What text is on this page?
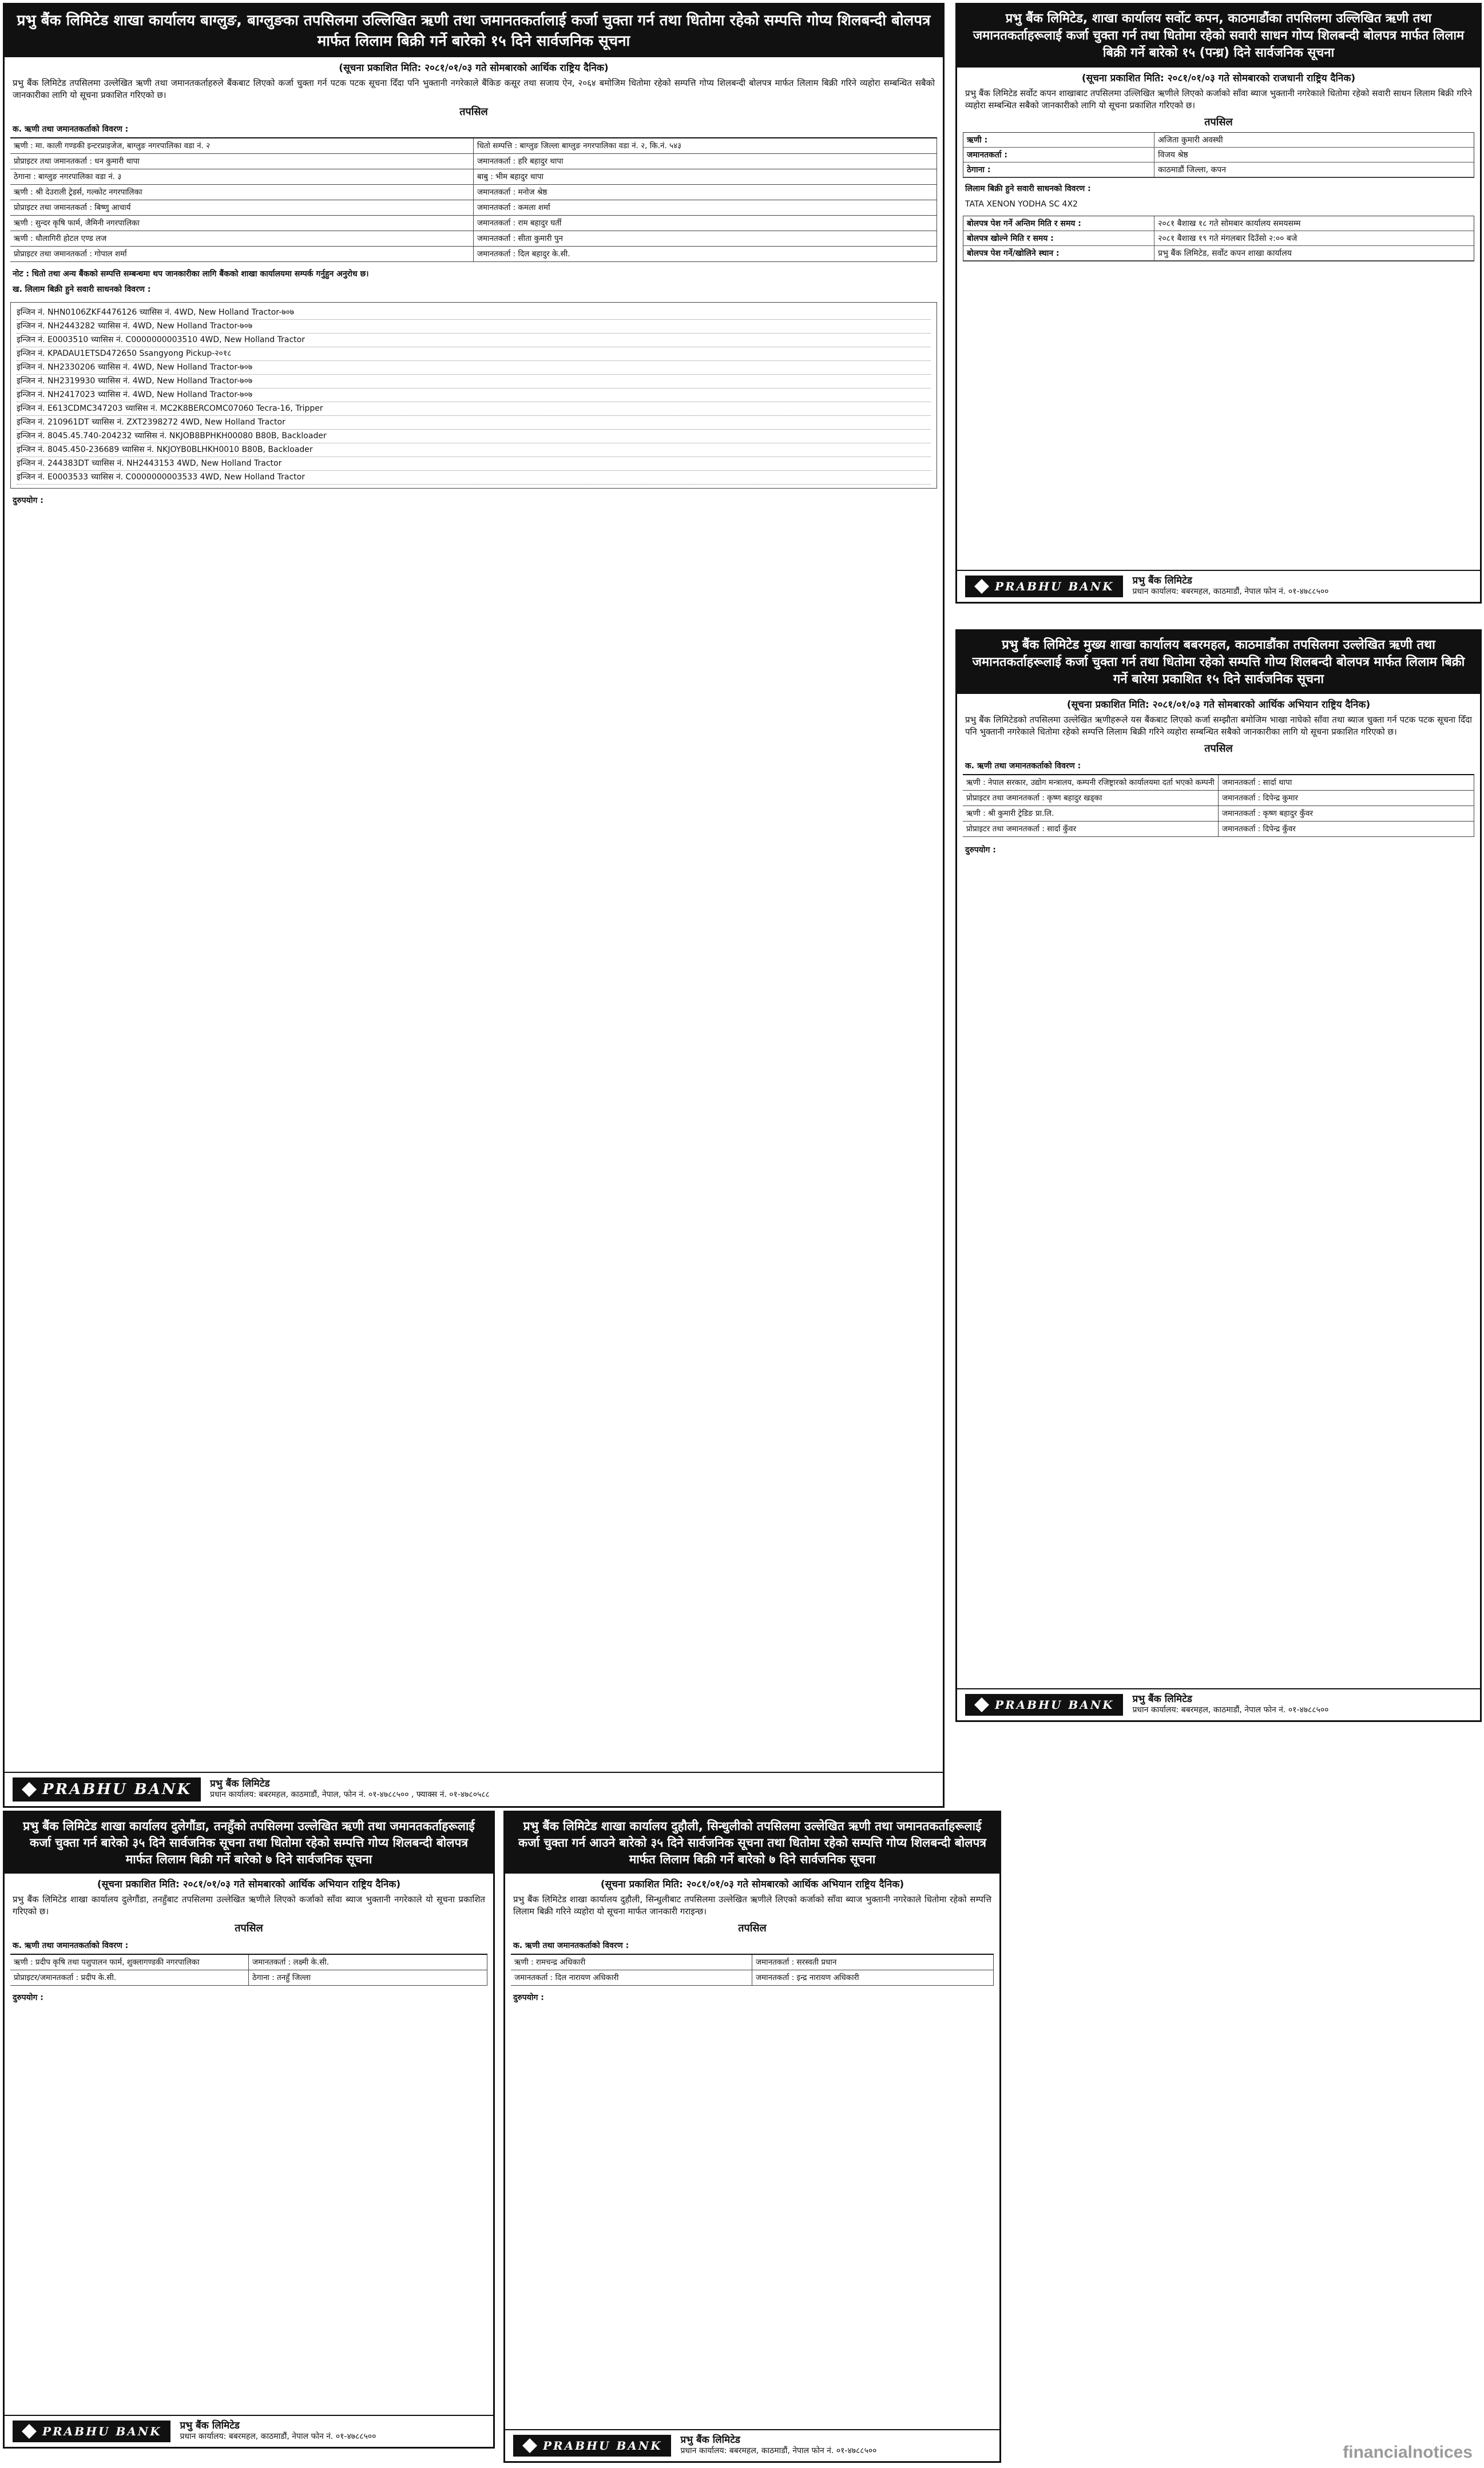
प्रभु बैंक लिमिटेड शाखा कार्यालय बाग्लुङ, बाग्लुङका तपसिलमा उल्लिखित ऋणी तथा जमानतकर्तालाई कर्जा चुक्ता गर्न तथा धितोमा रहेको सम्पत्ति गोप्य शिलबन्दी बोलपत्र मार्फत लिलाम बिक्री गर्ने बारेको १५ दिने सार्वजनिक सूचना
(सूचना प्रकाशित मिति: २०८१/०१/०३ गते सोमबारको आर्थिक राष्ट्रिय दैनिक)
प्रभु बैंक लिमिटेड तपसिलमा उल्लेखित ऋणी तथा जमानतकर्ताहरुले बैंकबाट लिएको कर्जा चुक्ता गर्न पटक पटक सूचना दिँदा पनि भुक्तानी नगरेकाले बैंकिङ कसूर तथा सजाय ऐन, २०६४ बमोजिम धितोमा रहेको सम्पत्ति गोप्य शिलबन्दी बोलपत्र मार्फत लिलाम बिक्री गरिने व्यहोरा सम्बन्धित सबैको जानकारीका लागि यो सूचना प्रकाशित गरिएको छ।
तपसिल
क. ऋणी तथा जमानतकर्ताको विवरण :
ऋणी : मा. काली गण्डकी इन्टरप्राइजेज, बाग्लुङ नगरपालिका वडा नं. २	धितो सम्पत्ति : बाग्लुङ जिल्ला बाग्लुङ नगरपालिका वडा नं. २, कि.नं. ५४३
प्रोप्राइटर तथा जमानतकर्ता : धन कुमारी थापा	जमानतकर्ता : हरि बहादुर थापा
ठेगाना : बाग्लुङ नगरपालिका वडा नं. ३	बाबु : भीम बहादुर थापा
ऋणी : श्री देउराली ट्रेडर्स, गल्कोट नगरपालिका	जमानतकर्ता : मनोज श्रेष्ठ
प्रोप्राइटर तथा जमानतकर्ता : बिष्णु आचार्य	जमानतकर्ता : कमला शर्मा
ऋणी : सुन्दर कृषि फार्म, जैमिनी नगरपालिका	जमानतकर्ता : राम बहादुर घर्ती
ऋणी : धौलागिरी होटल एण्ड लज	जमानतकर्ता : सीता कुमारी पुन
प्रोप्राइटर तथा जमानतकर्ता : गोपाल शर्मा	जमानतकर्ता : दिल बहादुर के.सी.
नोट : धितो तथा अन्य बैंकको सम्पत्ति सम्बन्धमा थप जानकारीका लागि बैंकको शाखा कार्यालयमा सम्पर्क गर्नुहुन अनुरोध छ।
ख. लिलाम बिक्री हुने सवारी साधनको विवरण :
इन्जिन नं. NHN0106ZKF4476126 च्यासिस नं. 4WD, New Holland Tractor-७०७
इन्जिन नं. NH2443282 च्यासिस नं. 4WD, New Holland Tractor-७०७
इन्जिन नं. E0003510 च्यासिस नं. C0000000003510 4WD, New Holland Tractor
इन्जिन नं. KPADAU1ETSD472650 Ssangyong Pickup-२०१८
इन्जिन नं. NH2330206 च्यासिस नं. 4WD, New Holland Tractor-७०७
इन्जिन नं. NH2319930 च्यासिस नं. 4WD, New Holland Tractor-७०७
इन्जिन नं. NH2417023 च्यासिस नं. 4WD, New Holland Tractor-७०७
इन्जिन नं. E613CDMC347203 च्यासिस नं. MC2K8BERCOMC07060 Tecra-16, Tripper
इन्जिन नं. 210961DT च्यासिस नं. ZXT2398272 4WD, New Holland Tractor
इन्जिन नं. 8045.45.740-204232 च्यासिस नं. NKJOB8BPHKH00080 B80B, Backloader
इन्जिन नं. 8045.450-236689 च्यासिस नं. NKJOYB0BLHKH0010 B80B, Backloader
इन्जिन नं. 244383DT च्यासिस नं. NH2443153 4WD, New Holland Tractor
इन्जिन नं. E0003533 च्यासिस नं. C0000000003533 4WD, New Holland Tractor
दुरुपयोग :
PRABHU BANK प्रभु बैंक लिमिटेड
प्रधान कार्यालय: बबरमहल, काठमाडौं, नेपाल, फोन नं. ०१-४७८८५०० , फ्याक्स नं. ०१-४७८०५८८
प्रभु बैंक लिमिटेड, शाखा कार्यालय सर्वोट कपन, काठमाडौंका तपसिलमा उल्लिखित ऋणी तथा जमानतकर्ताहरूलाई कर्जा चुक्ता गर्न तथा धितोमा रहेको सवारी साधन गोप्य शिलबन्दी बोलपत्र मार्फत लिलाम बिक्री गर्ने बारेको १५ (पन्ध्र) दिने सार्वजनिक सूचना
(सूचना प्रकाशित मिति: २०८१/०१/०३ गते सोमबारको राजधानी राष्ट्रिय दैनिक)
प्रभु बैंक लिमिटेड सर्वोट कपन शाखाबाट तपसिलमा उल्लिखित ऋणीले लिएको कर्जाको साँवा ब्याज भुक्तानी नगरेकाले धितोमा रहेको सवारी साधन लिलाम बिक्री गरिने व्यहोरा सम्बन्धित सबैको जानकारीको लागि यो सूचना प्रकाशित गरिएको छ।
तपसिल
ऋणी :	अजिता कुमारी अवस्थी
जमानतकर्ता :	विजय श्रेष्ठ
ठेगाना :	काठमाडौं जिल्ला, कपन
लिलाम बिक्री हुने सवारी साधनको विवरण :
TATA XENON YODHA SC 4X2
बोलपत्र पेश गर्ने अन्तिम मिति र समय :	२०८१ बैशाख १८ गते सोमबार कार्यालय समयसम्म
बोलपत्र खोल्ने मिति र समय :	२०८१ बैशाख १९ गते मंगलबार दिउँसो २:०० बजे
बोलपत्र पेश गर्ने/खोलिने स्थान :	प्रभु बैंक लिमिटेड, सर्वोट कपन शाखा कार्यालय
PRABHU BANK प्रभु बैंक लिमिटेड
प्रधान कार्यालय: बबरमहल, काठमाडौं, नेपाल फोन नं. ०१-४७८८५००
प्रभु बैंक लिमिटेड मुख्य शाखा कार्यालय बबरमहल, काठमाडौंका तपसिलमा उल्लेखित ऋणी तथा जमानतकर्ताहरूलाई कर्जा चुक्ता गर्न तथा धितोमा रहेको सम्पत्ति गोप्य शिलबन्दी बोलपत्र मार्फत लिलाम बिक्री गर्ने बारेमा प्रकाशित १५ दिने सार्वजनिक सूचना
(सूचना प्रकाशित मिति: २०८१/०१/०३ गते सोमबारको आर्थिक अभियान राष्ट्रिय दैनिक)
प्रभु बैंक लिमिटेडको तपसिलमा उल्लेखित ऋणीहरूले यस बैंकबाट लिएको कर्जा सम्झौता बमोजिम भाखा नाघेको साँवा तथा ब्याज चुक्ता गर्न पटक पटक सूचना दिँदा पनि भुक्तानी नगरेकाले धितोमा रहेको सम्पत्ति लिलाम बिक्री गरिने व्यहोरा सम्बन्धित सबैको जानकारीका लागि यो सूचना प्रकाशित गरिएको छ।
तपसिल
क. ऋणी तथा जमानतकर्ताको विवरण :
ऋणी : नेपाल सरकार, उद्योग मन्त्रालय, कम्पनी रजिष्ट्रारको कार्यालयमा दर्ता भएको कम्पनी जमानतकर्ता : सार्दा थापा
प्रोप्राइटर तथा जमानतकर्ता : कृष्ण बहादुर खड्का	जमानतकर्ता : दिपेन्द्र कुमार
ऋणी : श्री कुमारी ट्रेडिङ प्रा.लि.	जमानतकर्ता : कृष्ण बहादुर कुँवर
प्रोप्राइटर तथा जमानतकर्ता : सार्दा कुँवर	जमानतकर्ता : दिपेन्द्र कुँवर
दुरुपयोग :
PRABHU BANK प्रभु बैंक लिमिटेड
प्रधान कार्यालय: बबरमहल, काठमाडौं, नेपाल फोन नं. ०१-४७८८५००
प्रभु बैंक लिमिटेड शाखा कार्यालय दुलेगौंडा, तनहुँको तपसिलमा उल्लेखित ऋणी तथा जमानतकर्ताहरूलाई कर्जा चुक्ता गर्न बारेको ३५ दिने सार्वजनिक सूचना तथा धितोमा रहेको सम्पत्ति गोप्य शिलबन्दी बोलपत्र मार्फत लिलाम बिक्री गर्ने बारेको ७ दिने सार्वजनिक सूचना
(सूचना प्रकाशित मिति: २०८१/०१/०३ गते सोमबारको आर्थिक अभियान राष्ट्रिय दैनिक)
प्रभु बैंक लिमिटेड शाखा कार्यालय दुलेगौंडा, तनहुँबाट तपसिलमा उल्लेखित ऋणीले लिएको कर्जाको साँवा ब्याज भुक्तानी नगरेकाले यो सूचना प्रकाशित गरिएको छ।
तपसिल
क. ऋणी तथा जमानतकर्ताको विवरण :
ऋणी : प्रदीप कृषि तथा पशुपालन फार्म, शुक्लागण्डकी नगरपालिका	जमानतकर्ता : लक्ष्मी के.सी.
प्रोप्राइटर/जमानतकर्ता : प्रदीप के.सी.	ठेगाना : तनहुँ जिल्ला
दुरुपयोग :
PRABHU BANK प्रभु बैंक लिमिटेड
प्रधान कार्यालय: बबरमहल, काठमाडौं, नेपाल फोन नं. ०१-४७८८५००
प्रभु बैंक लिमिटेड शाखा कार्यालय दुहौली, सिन्धुलीको तपसिलमा उल्लेखित ऋणी तथा जमानतकर्ताहरूलाई कर्जा चुक्ता गर्न आउने बारेको ३५ दिने सार्वजनिक सूचना तथा धितोमा रहेको सम्पत्ति गोप्य शिलबन्दी बोलपत्र मार्फत लिलाम बिक्री गर्ने बारेको ७ दिने सार्वजनिक सूचना
(सूचना प्रकाशित मिति: २०८१/०१/०३ गते सोमबारको आर्थिक अभियान राष्ट्रिय दैनिक)
प्रभु बैंक लिमिटेड शाखा कार्यालय दुहौली, सिन्धुलीबाट तपसिलमा उल्लेखित ऋणीले लिएको कर्जाको साँवा ब्याज भुक्तानी नगरेकाले धितोमा रहेको सम्पत्ति लिलाम बिक्री गरिने व्यहोरा यो सूचना मार्फत जानकारी गराइन्छ।
तपसिल
क. ऋणी तथा जमानतकर्ताको विवरण :
ऋणी : रामचन्द्र अधिकारी	जमानतकर्ता : सरस्वती प्रधान
जमानतकर्ता : दिल नारायण अधिकारी	जमानतकर्ता : इन्द्र नारायण अधिकारी
दुरुपयोग :
PRABHU BANK प्रभु बैंक लिमिटेड
प्रधान कार्यालय: बबरमहल, काठमाडौं, नेपाल फोन नं. ०१-४७८८५००	financialnotices
